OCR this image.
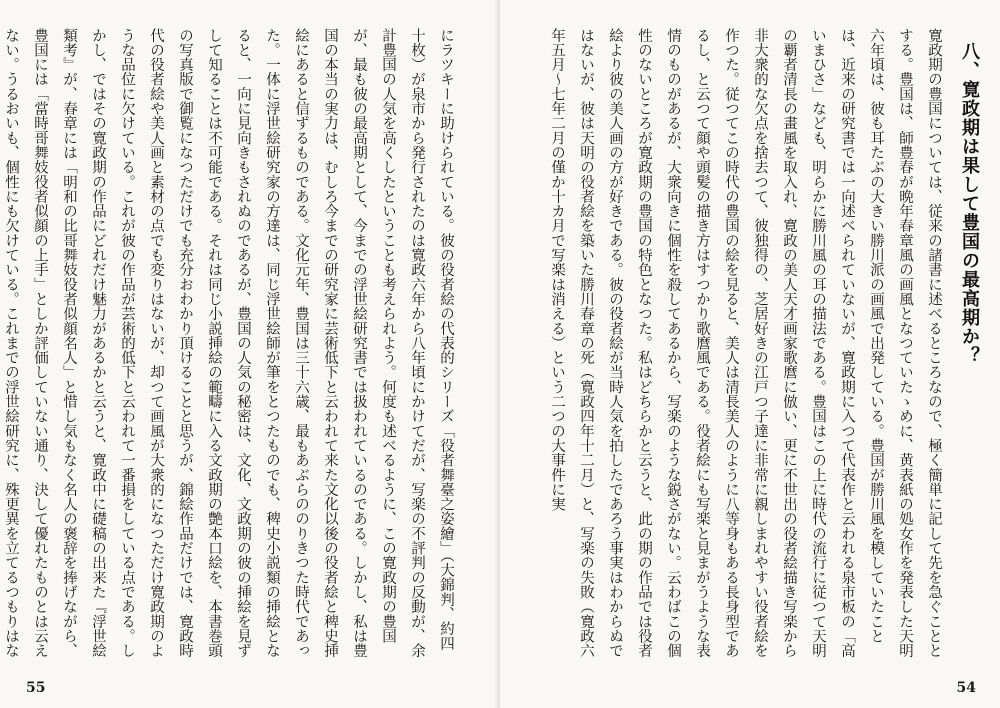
にラツキーに助けられている。彼の役者絵の代表的シリーズ「役者舞臺之姿繪」（大錦判、約四十枚）が泉市から発行されたのは寛政六年から八年頃にかけてだが、写楽の不評判の反動が、余計豊国の人気を高くしたということも考えられよう。何度も述べるように、この寛政期の豊国が、最も彼の最高期として、今までの浮世絵研究書では扱われているのである。しかし、私は豊国の本当の実力は、むしろ今までの研究家に芸術低下と云われて来た文化以後の役者絵と稗史挿絵にあると信ずるものである。文化元年、豊国は三十六歳、最もあぶらののりきつた時代であった。一体に浮世絵研究家の方達は、同じ浮世絵師が筆をとつたものでも、稗史小説類の挿絵となると、一向に見向きもされぬのであるが、豊国の人気の秘密は、文化、文政期の彼の挿絵を見ずして知ることは不可能である。それは同じ小説挿絵の範疇に入る文政期の艶本口絵を、本書巻頭の写真版で御覧になつただけでも充分おわかり頂けることと思うが、錦絵作品だけでは、寛政時代の役者絵や美人画と素材の点でも変りはないが、却つて画風が大衆的になつただけ寛政期のような品位に欠けている。これが彼の作品が芸術的低下と云われて一番損をしている点である。しかし、ではその寛政期の作品にどれだけ魅力があるかと云うと、寛政中に礎稿の出来た『浮世絵類考』が、春章には「明和の比哥舞妓役者似顔名人」と惜し気もなく名人の褒辞を捧げながら、豊国には「當時哥舞妓役者似顔の上手」としか評価していない通り、決して優れたものとは云えない。うるおいも、個性にも欠けている。これまでの浮世絵研究に、殊更異を立てるつもりはな
55
八、寛政期は果して豊国の最高期か？
寛政期の豊国については、従来の諸書に述べるところなので、極く簡単に記して先を急ぐこととする。豊国は、師豊春が晩年春章風の画風となつていたゝめに、黄表紙の処女作を発表した天明六年頃は、彼も耳たぶの大きい勝川派の画風で出発している。豊国が勝川風を模していたことは、近来の研究書では一向述べられていないが、寛政期に入つて代表作と云われる泉市板の「高いまひさ」なども、明らかに勝川風の耳の描法である。豊国はこの上に時代の流行に従つて天明の覇者清長の畫風を取入れ、寛政の美人天才画家歌麿に倣い、更に不世出の役者絵描き写楽から非大衆的な欠点を捨去つて、彼独得の、芝居好きの江戸つ子達に非常に親しまれやすい役者絵を作つた。従つてこの時代の豊国の絵を見ると、美人は清長美人のように八等身もある長身型であるし、と云つて顔や頭髪の描き方はすつかり歌麿風である。役者絵にも写楽と見まがうような表情のものがあるが、大衆向きに個性を殺してあるから、写楽のような鋭さがない。云わばこの個性のないところが寛政期の豊国の特色となつた。私はどちらかと云うと、此の期の作品では役者絵より彼の美人画の方が好きである。彼の役者絵が当時人気を拍したであろう事実はわからぬではないが、彼は天明の役者絵を築いた勝川春章の死（寛政四年十二月）と、写楽の失敗（寛政六年五月〜七年二月の僅か十カ月で写楽は消える）という二つの大事件に実
54
